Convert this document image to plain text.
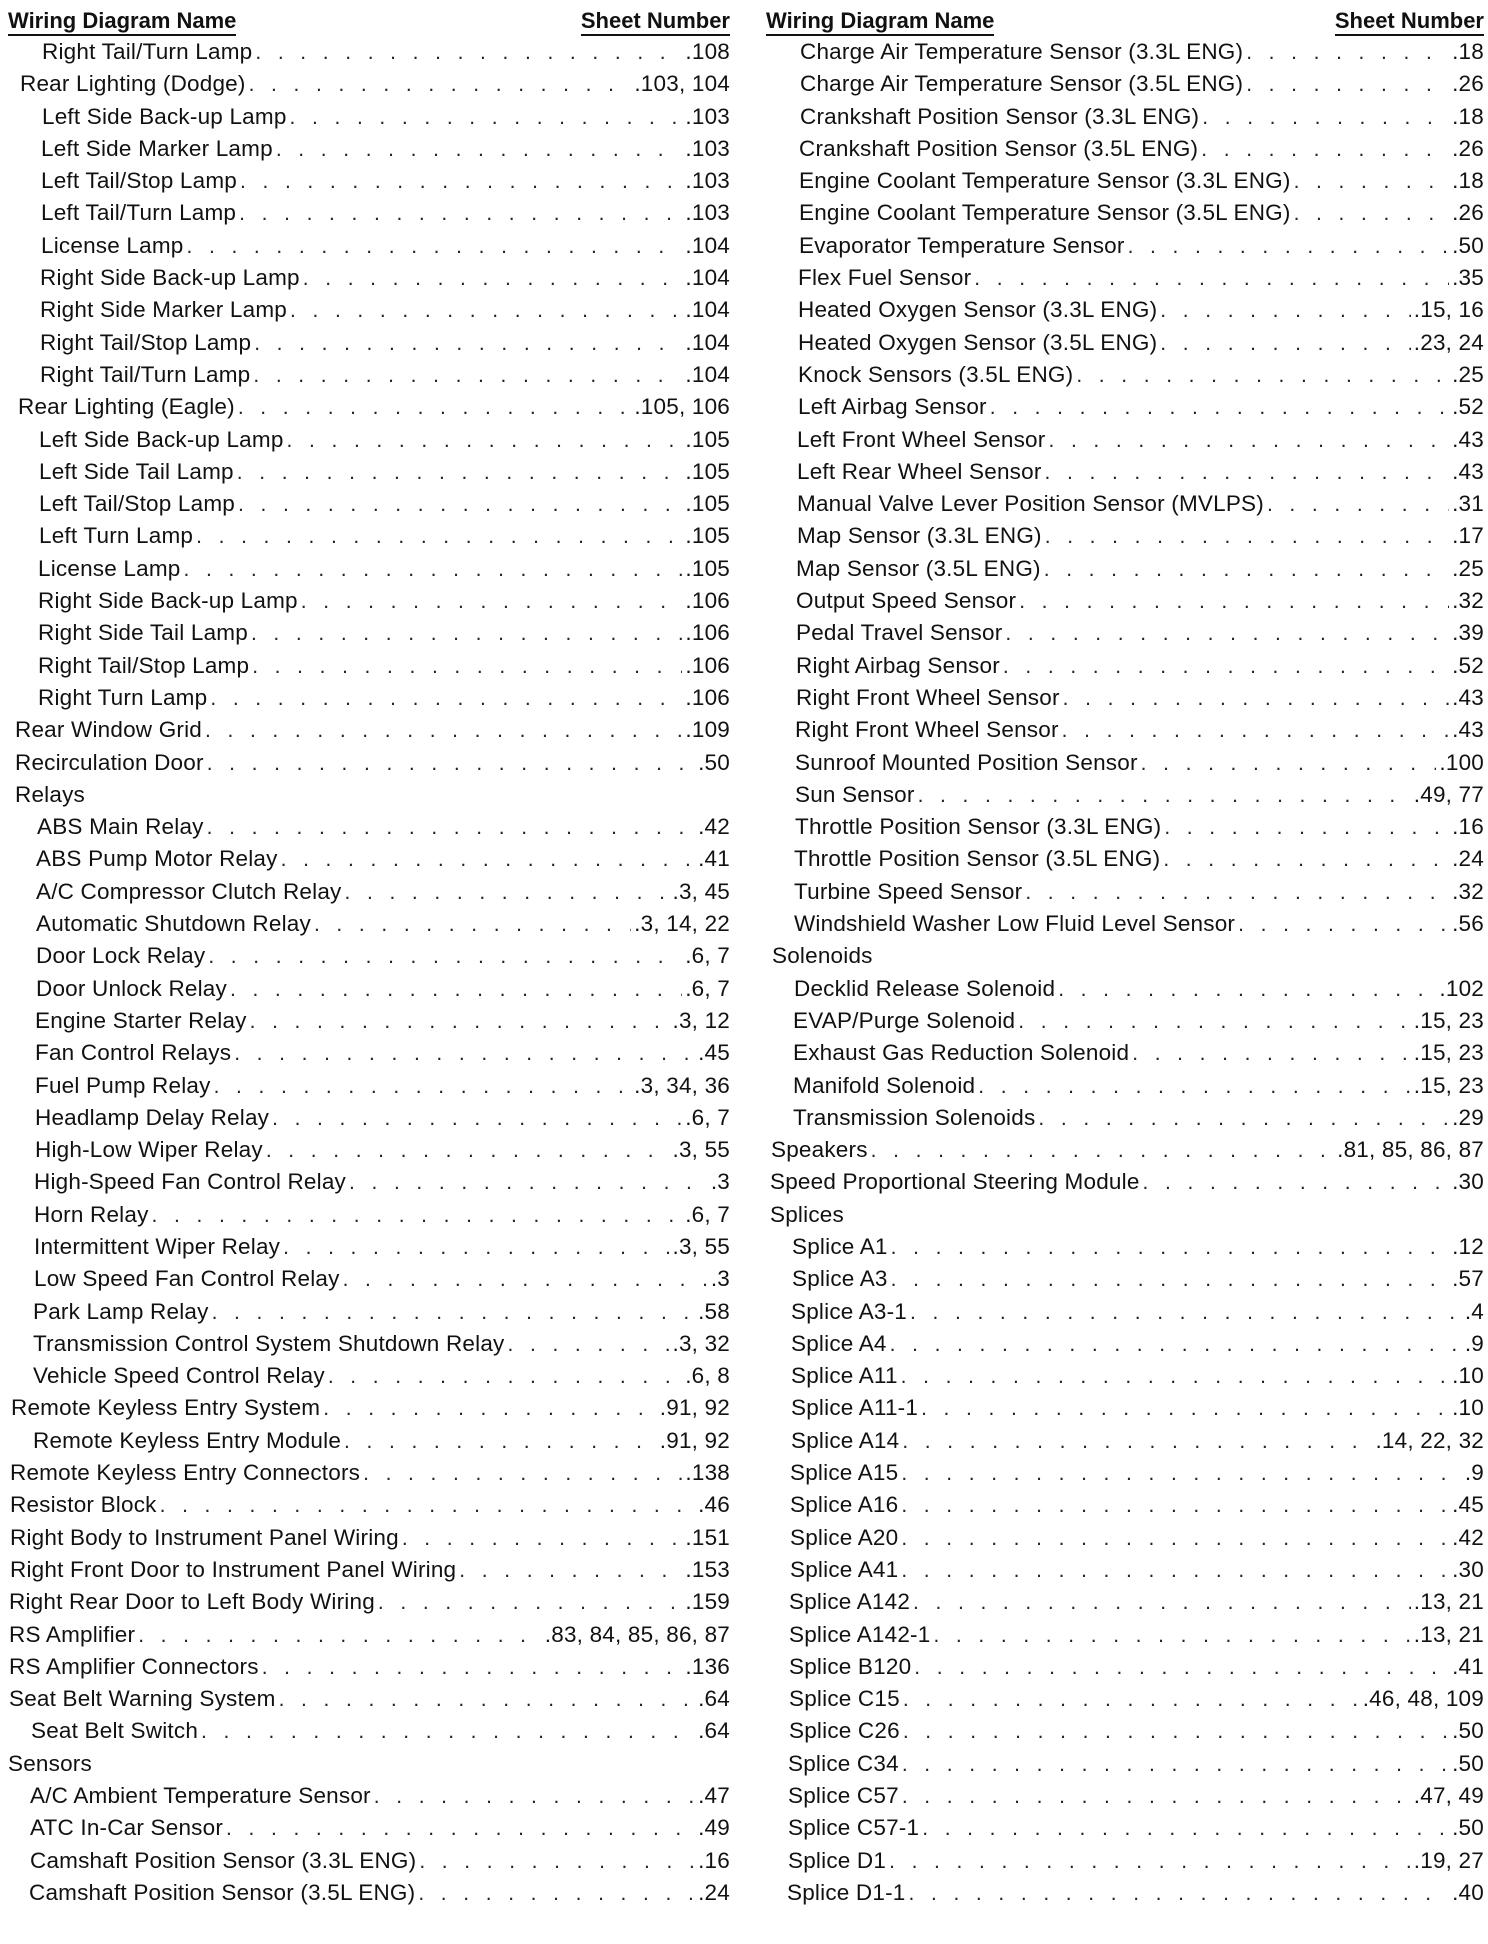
Wiring Diagram Name	Sheet Number
Right Tail/Turn Lamp . . .	.108
Rear Lighting (Dodge) . . .	.103, 104
Left Side Back-up Lamp . . .	.103
Left Side Marker Lamp . . .	.103
Left Tail/Stop Lamp . . .	.103
Left Tail/Turn Lamp . . .	.103
License Lamp . . .	.104
Right Side Back-up Lamp . . .	.104
Right Side Marker Lamp . . .	.104
Right Tail/Stop Lamp . . .	.104
Right Tail/Turn Lamp . . .	.104
Rear Lighting (Eagle) . . .	.105, 106
Left Side Back-up Lamp . . .	.105
Left Side Tail Lamp . . .	.105
Left Tail/Stop Lamp . . .	.105
Left Turn Lamp . . .	.105
License Lamp . . .	.105
Right Side Back-up Lamp . . .	.106
Right Side Tail Lamp . . .	.106
Right Tail/Stop Lamp . . .	.106
Right Turn Lamp . . .	.106
Rear Window Grid . . .	.109
Recirculation Door . . .	.50
Relays
ABS Main Relay . . .	.42
ABS Pump Motor Relay . . .	.41
A/C Compressor Clutch Relay . . .	.3, 45
Automatic Shutdown Relay . . .	.3, 14, 22
Door Lock Relay . . .	.6, 7
Door Unlock Relay . . .	.6, 7
Engine Starter Relay . . .	.3, 12
Fan Control Relays . . .	.45
Fuel Pump Relay . . .	.3, 34, 36
Headlamp Delay Relay . . .	.6, 7
High-Low Wiper Relay . . .	.3, 55
High-Speed Fan Control Relay . . .	.3
Horn Relay . . .	.6, 7
Intermittent Wiper Relay . . .	.3, 55
Low Speed Fan Control Relay . . .	.3
Park Lamp Relay . . .	.58
Transmission Control System Shutdown Relay . . .	.3, 32
Vehicle Speed Control Relay . . .	.6, 8
Remote Keyless Entry System . . .	.91, 92
Remote Keyless Entry Module . . .	.91, 92
Remote Keyless Entry Connectors . . .	.138
Resistor Block . . .	.46
Right Body to Instrument Panel Wiring . . .	.151
Right Front Door to Instrument Panel Wiring . . .	.153
Right Rear Door to Left Body Wiring . . .	.159
RS Amplifier . . .	.83, 84, 85, 86, 87
RS Amplifier Connectors . . .	.136
Seat Belt Warning System . . .	.64
Seat Belt Switch . . .	.64
Sensors
A/C Ambient Temperature Sensor . . .	.47
ATC In-Car Sensor . . .	.49
Camshaft Position Sensor (3.3L ENG) . . .	.16
Camshaft Position Sensor (3.5L ENG) . . .	.24
Wiring Diagram Name	Sheet Number
Charge Air Temperature Sensor (3.3L ENG) . . .	.18
Charge Air Temperature Sensor (3.5L ENG) . . .	.26
Crankshaft Position Sensor (3.3L ENG) . . .	.18
Crankshaft Position Sensor (3.5L ENG) . . .	.26
Engine Coolant Temperature Sensor (3.3L ENG) . . .	.18
Engine Coolant Temperature Sensor (3.5L ENG) . . .	.26
Evaporator Temperature Sensor . . .	.50
Flex Fuel Sensor . . .	.35
Heated Oxygen Sensor (3.3L ENG) . . .	.15, 16
Heated Oxygen Sensor (3.5L ENG) . . .	.23, 24
Knock Sensors (3.5L ENG) . . .	.25
Left Airbag Sensor . . .	.52
Left Front Wheel Sensor . . .	.43
Left Rear Wheel Sensor . . .	.43
Manual Valve Lever Position Sensor (MVLPS) . . .	.31
Map Sensor (3.3L ENG) . . .	.17
Map Sensor (3.5L ENG) . . .	.25
Output Speed Sensor . . .	.32
Pedal Travel Sensor . . .	.39
Right Airbag Sensor . . .	.52
Right Front Wheel Sensor . . .	.43
Right Front Wheel Sensor . . .	.43
Sunroof Mounted Position Sensor . . .	.100
Sun Sensor . . .	.49, 77
Throttle Position Sensor (3.3L ENG) . . .	.16
Throttle Position Sensor (3.5L ENG) . . .	.24
Turbine Speed Sensor . . .	.32
Windshield Washer Low Fluid Level Sensor . . .	.56
Solenoids
Decklid Release Solenoid . . .	.102
EVAP/Purge Solenoid . . .	.15, 23
Exhaust Gas Reduction Solenoid . . .	.15, 23
Manifold Solenoid . . .	.15, 23
Transmission Solenoids . . .	.29
Speakers . . .	.81, 85, 86, 87
Speed Proportional Steering Module . . .	.30
Splices
Splice A1 . . .	.12
Splice A3 . . .	.57
Splice A3-1 . . .	.4
Splice A4 . . .	.9
Splice A11 . . .	.10
Splice A11-1 . . .	.10
Splice A14 . . .	.14, 22, 32
Splice A15 . . .	.9
Splice A16 . . .	.45
Splice A20 . . .	.42
Splice A41 . . .	.30
Splice A142 . . .	.13, 21
Splice A142-1 . . .	.13, 21
Splice B120 . . .	.41
Splice C15 . . .	.46, 48, 109
Splice C26 . . .	.50
Splice C34 . . .	.50
Splice C57 . . .	.47, 49
Splice C57-1 . . .	.50
Splice D1 . . .	.19, 27
Splice D1-1 . . .	.40
